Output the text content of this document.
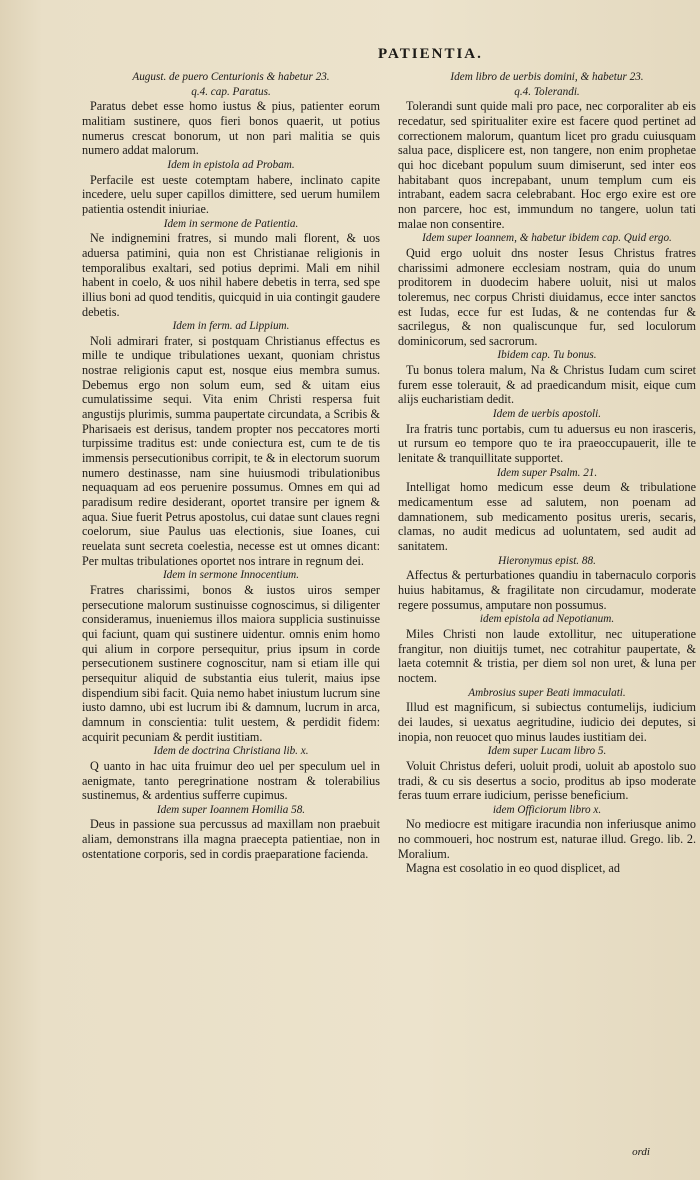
PATIENTIA.
August. de puero Centurionis & habetur 23.
q.4. cap. Paratus.
Paratus debet esse homo iustus & pius, patienter eorum malitiam sustinere, quos fieri bonos quaerit, ut potius numerus crescat bonorum, ut non pari malitia se quis numero addat malorum.
Idem in epistola ad Probam.
Perfacile est ueste cotemptam habere, inclinato capite incedere, uelu super capillos dimittere, sed uerum humilem patientia ostendit iniuriae.
Idem in sermone de Patientia.
Ne indignemini fratres, si mundo mali florent, & uos aduersa patimini, quia non est Christianae religionis in temporalibus exaltari, sed potius deprimi. Mali em nihil habent in coelo, & uos nihil habere debetis in terra, sed spe illius boni ad quod tenditis, quicquid in uia contingit gaudere debetis.
Idem in ferm. ad Lippium.
Noli admirari frater, si postquam Christianus effectus es mille te undique tribulationes uexant, quoniam christus nostrae religionis caput est, nosque eius membra sumus. Debemus ergo non solum eum, sed & uitam eius cumulatissime sequi. Vita enim Christi respersa fuit angustijs plurimis, summa paupertate circundata, a Scribis & Pharisaeis est derisus, tandem propter nos peccatores morti turpissime traditus est: unde coniectura est, cum te de tis immensis persecutionibus corripit, te & in electorum suorum numero destinasse, nam sine huiusmodi tribulationibus nequaquam ad eos peruenire possumus. Omnes em qui ad paradisum redire desiderant, oportet transire per ignem & aqua. Siue fuerit Petrus apostolus, cui datae sunt claues regni coelorum, siue Paulus uas electionis, siue Ioanes, cui reuelata sunt secreta coelestia, necesse est ut omnes dicant: Per multas tribulationes oportet nos intrare in regnum dei.
Idem in sermone Innocentium.
Fratres charissimi, bonos & iustos uiros semper persecutione malorum sustinuisse cognoscimus, si diligenter consideramus, inueniemus illos maiora supplicia sustinuisse qui faciunt, quam qui sustinere uidentur. omnis enim homo qui alium in corpore persequitur, prius ipsum in corde persecutionem sustinere cognoscitur, nam si etiam ille qui persequitur aliquid de substantia eius tulerit, maius ipse dispendium sibi facit. Quia nemo habet iniustum lucrum sine iusto damno, ubi est lucrum ibi & damnum, lucrum in arca, damnum in conscientia: tulit uestem, & perdidit fidem: acquirit pecuniam & perdit iustitiam.
Idem de doctrina Christiana lib. x.
Q uanto in hac uita fruimur deo uel per speculum uel in aenigmate, tanto peregrinatione nostram & tolerabilius sustinemus, & ardentius sufferre cupimus.
Idem super Ioannem Homilia 58.
Deus in passione sua percussus ad maxillam non praebuit aliam, demonstrans illa magna praecepta patientiae, non in ostentatione corporis, sed in cordis praeparatione facienda.
Idem libro de uerbis domini, & habetur 23.
q.4. Tolerandi.
Tolerandi sunt quide mali pro pace, nec corporaliter ab eis recedatur, sed spiritualiter exire est facere quod pertinet ad correctionem malorum, quantum licet pro gradu cuiusquam salua pace, displicere est, non tangere, non enim prophetae qui hoc dicebant populum suum dimiserunt, sed inter eos habitabant quos increpabant, unum templum cum eis intrabant, eadem sacra celebrabant. Hoc ergo exire est ore non parcere, hoc est, immundum no tangere, uolun tati malae non consentire.
Idem super Ioannem, & habetur ibidem cap. Quid ergo.
Quid ergo uoluit dns noster Iesus Christus fratres charissimi admonere ecclesiam nostram, quia do unum proditorem in duodecim habere uoluit, nisi ut malos toleremus, nec corpus Christi diuidamus, ecce inter sanctos est Iudas, ecce fur est Iudas, & ne contendas fur & sacrilegus, & non qualiscunque fur, sed loculorum dominicorum, sed sacrorum.
Ibidem cap. Tu bonus.
Tu bonus tolera malum, Na & Christus Iudam cum sciret furem esse tolerauit, & ad praedicandum misit, eique cum alijs eucharistiam dedit.
Idem de uerbis apostoli.
Ira fratris tunc portabis, cum tu aduersus eu non irasceris, ut rursum eo tempore quo te ira praeoccupauerit, ille te lenitate & tranquillitate supportet.
Idem super Psalm. 21.
Intelligat homo medicum esse deum & tribulatione medicamentum esse ad salutem, non poenam ad damnationem, sub medicamento positus ureris, secaris, clamas, no audit medicus ad uoluntatem, sed audit ad sanitatem.
Hieronymus epist. 88.
Affectus & perturbationes quandiu in tabernaculo corporis huius habitamus, & fragilitate non circudamur, moderate regere possumus, amputare non possumus.
idem epistola ad Nepotianum.
Miles Christi non laude extollitur, nec uituperatione frangitur, non diuitijs tumet, nec cotrahitur paupertate, & laeta cotemnit & tristia, per diem sol non uret, & luna per noctem.
Ambrosius super Beati immaculati.
Illud est magnificum, si subiectus contumelijs, iudicium dei laudes, si uexatus aegritudine, iudicio dei deputes, si inopia, non reuocet quo minus laudes iustitiam dei.
Idem super Lucam libro 5.
Voluit Christus deferi, uoluit prodi, uoluit ab apostolo suo tradi, & cu sis desertus a socio, proditus ab ipso moderate feras tuum errare iudicium, perisse beneficium.
idem Officiorum libro x.
No mediocre est mitigare iracundia non inferiusque animo no commoueri, hoc nostrum est, naturae illud. Grego. lib. 2. Moralium.
Magna est cosolatio in eo quod displicet, ad
ordi
